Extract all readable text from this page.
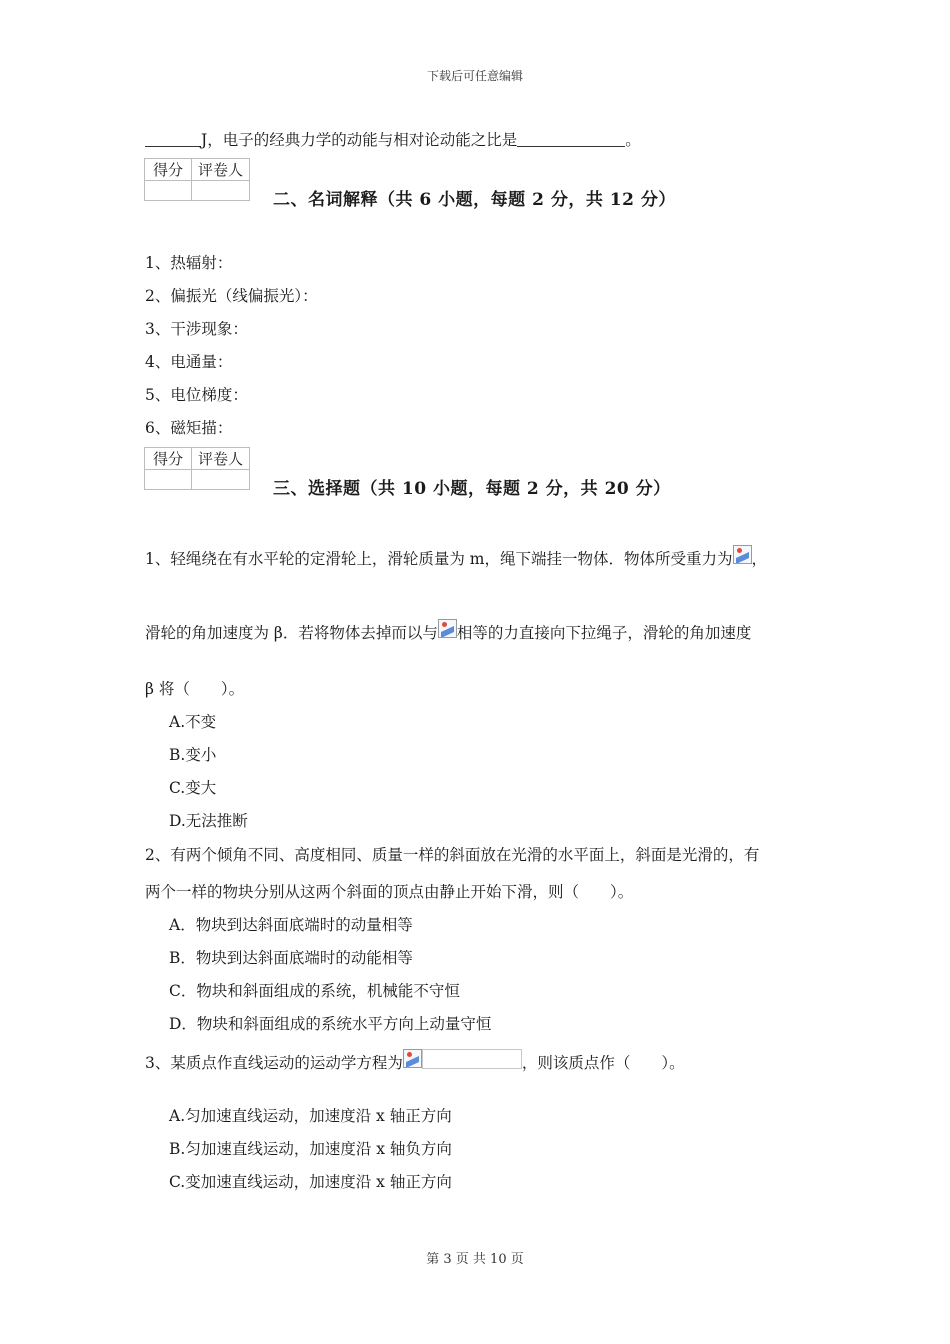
下载后可任意编辑
J，电子的经典力学的动能与相对论动能之比是	。
得分	评卷人

二、名词解释（共 6 小题，每题 2 分，共 12 分）
1、热辐射：
2、偏振光（线偏振光）：
3、干涉现象：
4、电通量：
5、电位梯度：
6、磁矩描：
得分	评卷人

三、选择题（共 10 小题，每题 2 分，共 20 分）
1、轻绳绕在有水平轮的定滑轮上，滑轮质量为 m，绳下端挂一物体．物体所受重力为 ，
滑轮的角加速度为 β．若将物体去掉而以与 相等的力直接向下拉绳子，滑轮的角加速度
β 将（　　）。
A.不变
B.变小
C.变大
D.无法推断
2、有两个倾角不同、高度相同、质量一样的斜面放在光滑的水平面上，斜面是光滑的，有
两个一样的物块分别从这两个斜面的顶点由静止开始下滑，则（　　）。
A．物块到达斜面底端时的动量相等
B．物块到达斜面底端时的动能相等
C．物块和斜面组成的系统，机械能不守恒
D．物块和斜面组成的系统水平方向上动量守恒
3、某质点作直线运动的运动学方程为	，则该质点作（　　）。
A.匀加速直线运动，加速度沿 x 轴正方向
B.匀加速直线运动，加速度沿 x 轴负方向
C.变加速直线运动，加速度沿 x 轴正方向
第 3 页 共 10 页
